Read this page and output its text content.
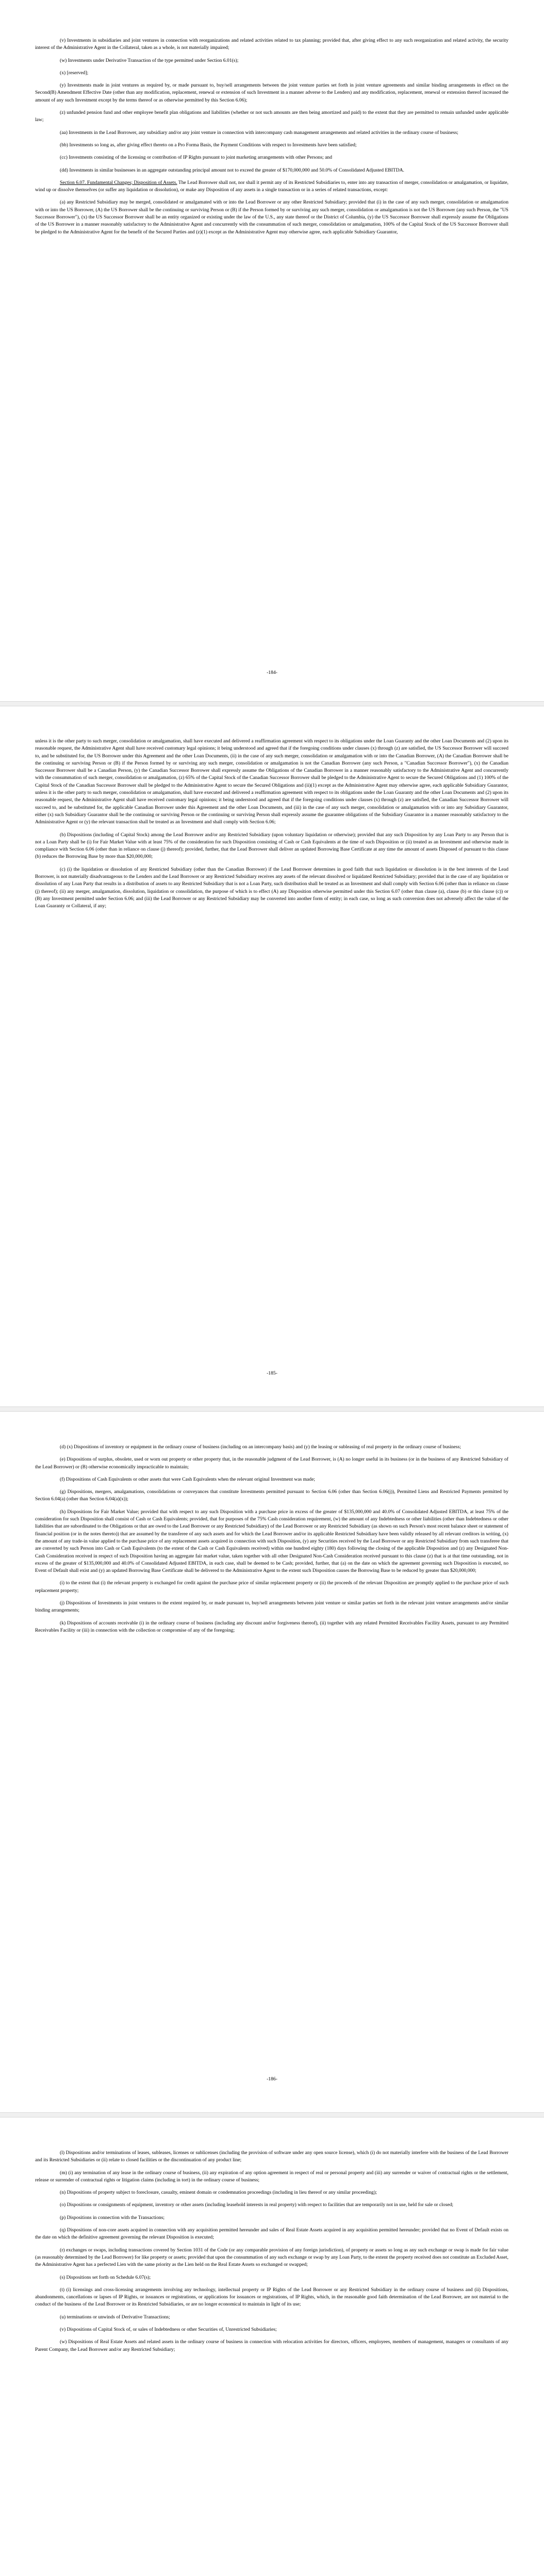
(v) Investments in subsidiaries and joint ventures in connection with reorganizations and related activities related to tax planning; provided that, after giving effect to any such reorganization and related activity, the security interest of the Administrative Agent in the Collateral, taken as a whole, is not materially impaired;

(w) Investments under Derivative Transaction of the type permitted under Section 6.01(s);

(x) [reserved];

(y) Investments made in joint ventures as required by, or made pursuant to, buy/sell arrangements between the joint venture parties set forth in joint venture agreements and similar binding arrangements in effect on the Second(B) Amendment Effective Date (other than any modification, replacement, renewal or extension of such Investment in a manner adverse to the Lenders) and any modification, replacement, renewal or extension thereof increased the amount of any such Investment except by the terms thereof or as otherwise permitted by this Section 6.06);

(z) unfunded pension fund and other employee benefit plan obligations and liabilities (whether or not such amounts are then being amortized and paid) to the extent that they are permitted to remain unfunded under applicable law;

(aa) Investments in the Lead Borrower, any subsidiary and/or any joint venture in connection with intercompany cash management arrangements and related activities in the ordinary course of business;

(bb) Investments so long as, after giving effect thereto on a Pro Forma Basis, the Payment Conditions with respect to Investments have been satisfied;

(cc) Investments consisting of the licensing or contribution of IP Rights pursuant to joint marketing arrangements with other Persons; and

(dd) Investments in similar businesses in an aggregate outstanding principal amount not to exceed the greater of $170,000,000 and 50.0% of Consolidated Adjusted EBITDA.

Section 6.07. Fundamental Changes; Disposition of Assets. The Lead Borrower shall not, nor shall it permit any of its Restricted Subsidiaries to, enter into any transaction of merger, consolidation or amalgamation, or liquidate, wind up or dissolve themselves (or suffer any liquidation or dissolution), or make any Disposition of any assets in a single transaction or in a series of related transactions, except:

(a) any Restricted Subsidiary may be merged, consolidated or amalgamated with or into the Lead Borrower or any other Restricted Subsidiary; provided that (i) in the case of any such merger, consolidation or amalgamation with or into the US Borrower, (A) the US Borrower shall be the continuing or surviving Person or (B) if the Person formed by or surviving any such merger, consolidation or amalgamation is not the US Borrower (any such Person, the "US Successor Borrower"), (x) the US Successor Borrower shall be an entity organized or existing under the law of the U.S., any state thereof or the District of Columbia, (y) the US Successor Borrower shall expressly assume the Obligations of the US Borrower in a manner reasonably satisfactory to the Administrative Agent and concurrently with the consummation of such merger, consolidation or amalgamation, 100% of the Capital Stock of the US Successor Borrower shall be pledged to the Administrative Agent for the benefit of the Secured Parties and (z)(1) except as the Administrative Agent may otherwise agree, each applicable Subsidiary Guarantor,

-184-

unless it is the other party to such merger, consolidation or amalgamation, shall have executed and delivered a reaffirmation agreement with respect to its obligations under the Loan Guaranty and the other Loan Documents and (2) upon its reasonable request, the Administrative Agent shall have received customary legal opinions; it being understood and agreed that if the foregoing conditions under clauses (x) through (z) are satisfied, the US Successor Borrower will succeed to, and be substituted for, the US Borrower under this Agreement and the other Loan Documents, (ii) in the case of any such merger, consolidation or amalgamation with or into the Canadian Borrower, (A) the Canadian Borrower shall be the continuing or surviving Person or (B) if the Person formed by or surviving any such merger, consolidation or amalgamation is not the Canadian Borrower (any such Person, a "Canadian Successor Borrower"), (x) the Canadian Successor Borrower shall be a Canadian Person, (y) the Canadian Successor Borrower shall expressly assume the Obligations of the Canadian Borrower in a manner reasonably satisfactory to the Administrative Agent and concurrently with the consummation of such merger, consolidation or amalgamation, (z) 65% of the Capital Stock of the Canadian Successor Borrower shall be pledged to the Administrative Agent to secure the Secured Obligations and (1) 100% of the Capital Stock of the Canadian Successor Borrower shall be pledged to the Administrative Agent to secure the Secured Obligations and (ii)(1) except as the Administrative Agent may otherwise agree, each applicable Subsidiary Guarantor, unless it is the other party to such merger, consolidation or amalgamation, shall have executed and delivered a reaffirmation agreement with respect to its obligations under the Loan Guaranty and the other Loan Documents and (2) upon its reasonable request, the Administrative Agent shall have received customary legal opinions; it being understood and agreed that if the foregoing conditions under clauses (x) through (z) are satisfied, the Canadian Successor Borrower will succeed to, and be substituted for, the applicable Canadian Borrower under this Agreement and the other Loan Documents, and (iii) in the case of any such merger, consolidation or amalgamation with or into any Subsidiary Guarantor, either (x) such Subsidiary Guarantor shall be the continuing or surviving Person or the continuing or surviving Person shall expressly assume the guarantee obligations of the Subsidiary Guarantor in a manner reasonably satisfactory to the Administrative Agent or (y) the relevant transaction shall be treated as an Investment and shall comply with Section 6.06;

(b) Dispositions (including of Capital Stock) among the Lead Borrower and/or any Restricted Subsidiary (upon voluntary liquidation or otherwise); provided that any such Disposition by any Loan Party to any Person that is not a Loan Party shall be (i) for Fair Market Value with at least 75% of the consideration for such Disposition consisting of Cash or Cash Equivalents at the time of such Disposition or (ii) treated as an Investment and otherwise made in compliance with Section 6.06 (other than in reliance on clause (j) thereof); provided, further, that the Lead Borrower shall deliver an updated Borrowing Base Certificate at any time the amount of assets Disposed of pursuant to this clause (b) reduces the Borrowing Base by more than $20,000,000;

(c) (i) the liquidation or dissolution of any Restricted Subsidiary (other than the Canadian Borrower) if the Lead Borrower determines in good faith that such liquidation or dissolution is in the best interests of the Lead Borrower, is not materially disadvantageous to the Lenders and the Lead Borrower or any Restricted Subsidiary receives any assets of the relevant dissolved or liquidated Restricted Subsidiary; provided that in the case of any liquidation or dissolution of any Loan Party that results in a distribution of assets to any Restricted Subsidiary that is not a Loan Party, such distribution shall be treated as an Investment and shall comply with Section 6.06 (other than in reliance on clause (j) thereof); (ii) any merger, amalgamation, dissolution, liquidation or consolidation, the purpose of which is to effect (A) any Disposition otherwise permitted under this Section 6.07 (other than clause (a), clause (b) or this clause (c)) or (B) any Investment permitted under Section 6.06; and (iii) the Lead Borrower or any Restricted Subsidiary may be converted into another form of entity; in each case, so long as such conversion does not adversely affect the value of the Loan Guaranty or Collateral, if any;

-185-

(d) (x) Dispositions of inventory or equipment in the ordinary course of business (including on an intercompany basis) and (y) the leasing or subleasing of real property in the ordinary course of business;

(e) Dispositions of surplus, obsolete, used or worn out property or other property that, in the reasonable judgment of the Lead Borrower, is (A) no longer useful in its business (or in the business of any Restricted Subsidiary of the Lead Borrower) or (B) otherwise economically impracticable to maintain;

(f) Dispositions of Cash Equivalents or other assets that were Cash Equivalents when the relevant original Investment was made;

(g) Dispositions, mergers, amalgamations, consolidations or conveyances that constitute Investments permitted pursuant to Section 6.06 (other than Section 6.06(j)), Permitted Liens and Restricted Payments permitted by Section 6.04(a) (other than Section 6.04(a)(x));

(h) Dispositions for Fair Market Value; provided that with respect to any such Disposition with a purchase price in excess of the greater of $135,000,000 and 40.0% of Consolidated Adjusted EBITDA, at least 75% of the consideration for such Disposition shall consist of Cash or Cash Equivalents; provided, that for purposes of the 75% Cash consideration requirement, (w) the amount of any Indebtedness or other liabilities (other than Indebtedness or other liabilities that are subordinated to the Obligations or that are owed to the Lead Borrower or any Restricted Subsidiary) of the Lead Borrower or any Restricted Subsidiary (as shown on such Person's most recent balance sheet or statement of financial position (or in the notes thereto)) that are assumed by the transferee of any such assets and for which the Lead Borrower and/or its applicable Restricted Subsidiary have been validly released by all relevant creditors in writing, (x) the amount of any trade-in value applied to the purchase price of any replacement assets acquired in connection with such Disposition, (y) any Securities received by the Lead Borrower or any Restricted Subsidiary from such transferee that are converted by such Person into Cash or Cash Equivalents (to the extent of the Cash or Cash Equivalents received) within one hundred eighty (180) days following the closing of the applicable Disposition and (z) any Designated Non-Cash Consideration received in respect of such Disposition having an aggregate fair market value, taken together with all other Designated Non-Cash Consideration received pursuant to this clause (z) that is at that time outstanding, not in excess of the greater of $135,000,000 and 40.0% of Consolidated Adjusted EBITDA, in each case, shall be deemed to be Cash; provided, further, that (a) on the date on which the agreement governing such Disposition is executed, no Event of Default shall exist and (y) an updated Borrowing Base Certificate shall be delivered to the Administrative Agent to the extent such Disposition causes the Borrowing Base to be reduced by greater than $20,000,000;

(i) to the extent that (i) the relevant property is exchanged for credit against the purchase price of similar replacement property or (ii) the proceeds of the relevant Disposition are promptly applied to the purchase price of such replacement property;

(j) Dispositions of Investments in joint ventures to the extent required by, or made pursuant to, buy/sell arrangements between joint venture or similar parties set forth in the relevant joint venture arrangements and/or similar binding arrangements;

(k) Dispositions of accounts receivable (i) in the ordinary course of business (including any discount and/or forgiveness thereof), (ii) together with any related Permitted Receivables Facility Assets, pursuant to any Permitted Receivables Facility or (iii) in connection with the collection or compromise of any of the foregoing;

-186-

(l) Dispositions and/or terminations of leases, subleases, licenses or sublicenses (including the provision of software under any open source license), which (i) do not materially interfere with the business of the Lead Borrower and its Restricted Subsidiaries or (ii) relate to closed facilities or the discontinuation of any product line;

(m) (i) any termination of any lease in the ordinary course of business, (ii) any expiration of any option agreement in respect of real or personal property and (iii) any surrender or waiver of contractual rights or the settlement, release or surrender of contractual rights or litigation claims (including in tort) in the ordinary course of business;

(n) Dispositions of property subject to foreclosure, casualty, eminent domain or condemnation proceedings (including in lieu thereof or any similar proceeding);

(o) Dispositions or consignments of equipment, inventory or other assets (including leasehold interests in real property) with respect to facilities that are temporarily not in use, held for sale or closed;

(p) Dispositions in connection with the Transactions;

(q) Dispositions of non-core assets acquired in connection with any acquisition permitted hereunder and sales of Real Estate Assets acquired in any acquisition permitted hereunder; provided that no Event of Default exists on the date on which the definitive agreement governing the relevant Disposition is executed;

(r) exchanges or swaps, including transactions covered by Section 1031 of the Code (or any comparable provision of any foreign jurisdiction), of property or assets so long as any such exchange or swap is made for fair value (as reasonably determined by the Lead Borrower) for like property or assets; provided that upon the consummation of any such exchange or swap by any Loan Party, to the extent the property received does not constitute an Excluded Asset, the Administrative Agent has a perfected Lien with the same priority as the Lien held on the Real Estate Assets so exchanged or swapped;

(s) Dispositions set forth on Schedule 6.07(s);

(t) (i) licensings and cross-licensing arrangements involving any technology, intellectual property or IP Rights of the Lead Borrower or any Restricted Subsidiary in the ordinary course of business and (ii) Dispositions, abandonments, cancellations or lapses of IP Rights, or issuances or registrations, or applications for issuances or registrations, of IP Rights, which, in the reasonable good faith determination of the Lead Borrower, are not material to the conduct of the business of the Lead Borrower or its Restricted Subsidiaries, or are no longer economical to maintain in light of its use;

(u) terminations or unwinds of Derivative Transactions;

(v) Dispositions of Capital Stock of, or sales of Indebtedness or other Securities of, Unrestricted Subsidiaries;

(w) Dispositions of Real Estate Assets and related assets in the ordinary course of business in connection with relocation activities for directors, officers, employees, members of management, managers or consultants of any Parent Company, the Lead Borrower and/or any Restricted Subsidiary;
